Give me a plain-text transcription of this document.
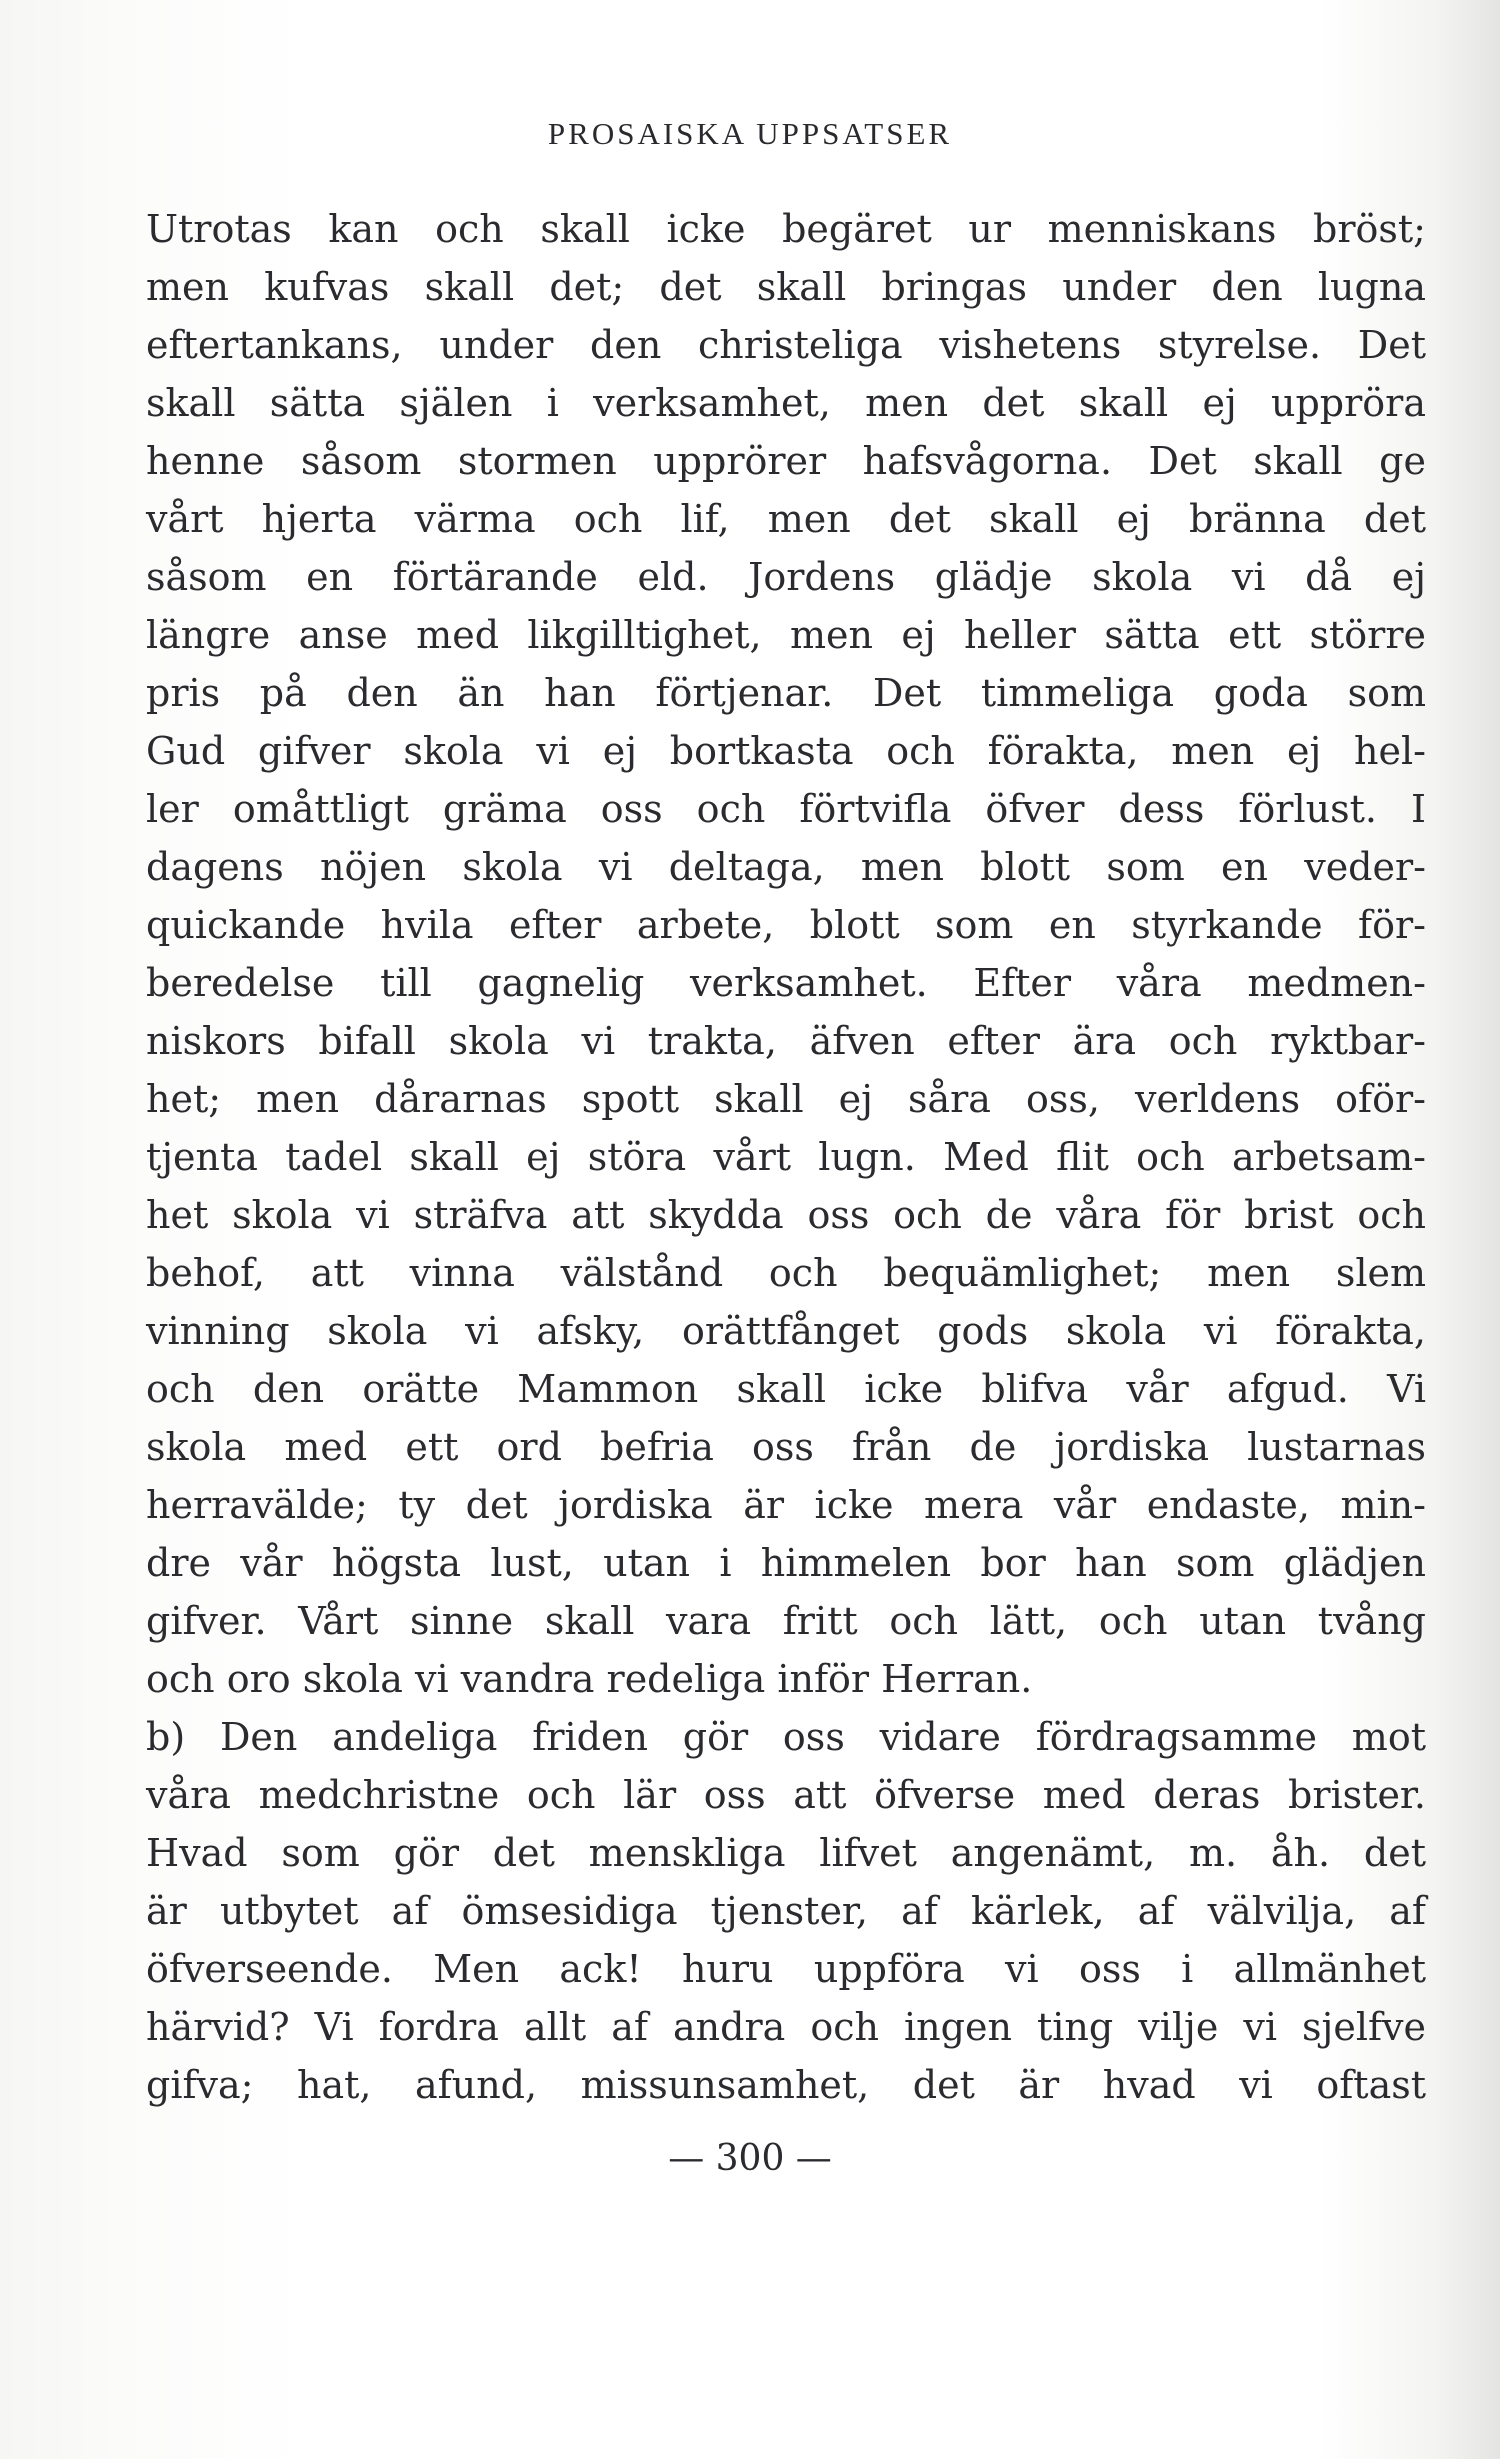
PROSAISKA UPPSATSER
Utrotas kan och skall icke begäret ur menniskans bröst;
men kufvas skall det; det skall bringas under den lugna
eftertankans, under den christeliga vishetens styrelse. Det
skall sätta själen i verksamhet, men det skall ej uppröra
henne såsom stormen upprörer hafsvågorna. Det skall ge
vårt hjerta värma och lif, men det skall ej bränna det
såsom en förtärande eld. Jordens glädje skola vi då ej
längre anse med likgilltighet, men ej heller sätta ett större
pris på den än han förtjenar. Det timmeliga goda som
Gud gifver skola vi ej bortkasta och förakta, men ej hel-
ler omåttligt gräma oss och förtvifla öfver dess förlust. I
dagens nöjen skola vi deltaga, men blott som en veder-
quickande hvila efter arbete, blott som en styrkande för-
beredelse till gagnelig verksamhet. Efter våra medmen-
niskors bifall skola vi trakta, äfven efter ära och ryktbar-
het; men dårarnas spott skall ej såra oss, verldens oför-
tjenta tadel skall ej störa vårt lugn. Med flit och arbetsam-
het skola vi sträfva att skydda oss och de våra för brist och
behof, att vinna välstånd och bequämlighet; men slem
vinning skola vi afsky, orättfånget gods skola vi förakta,
och den orätte Mammon skall icke blifva vår afgud. Vi
skola med ett ord befria oss från de jordiska lustarnas
herravälde; ty det jordiska är icke mera vår endaste, min-
dre vår högsta lust, utan i himmelen bor han som glädjen
gifver. Vårt sinne skall vara fritt och lätt, och utan tvång
och oro skola vi vandra redeliga inför Herran.
b) Den andeliga friden gör oss vidare fördragsamme mot
våra medchristne och lär oss att öfverse med deras brister.
Hvad som gör det menskliga lifvet angenämt, m. åh. det
är utbytet af ömsesidiga tjenster, af kärlek, af välvilja, af
öfverseende. Men ack! huru uppföra vi oss i allmänhet
härvid? Vi fordra allt af andra och ingen ting vilje vi sjelfve
gifva; hat, afund, missunsamhet, det är hvad vi oftast
— 300 —
